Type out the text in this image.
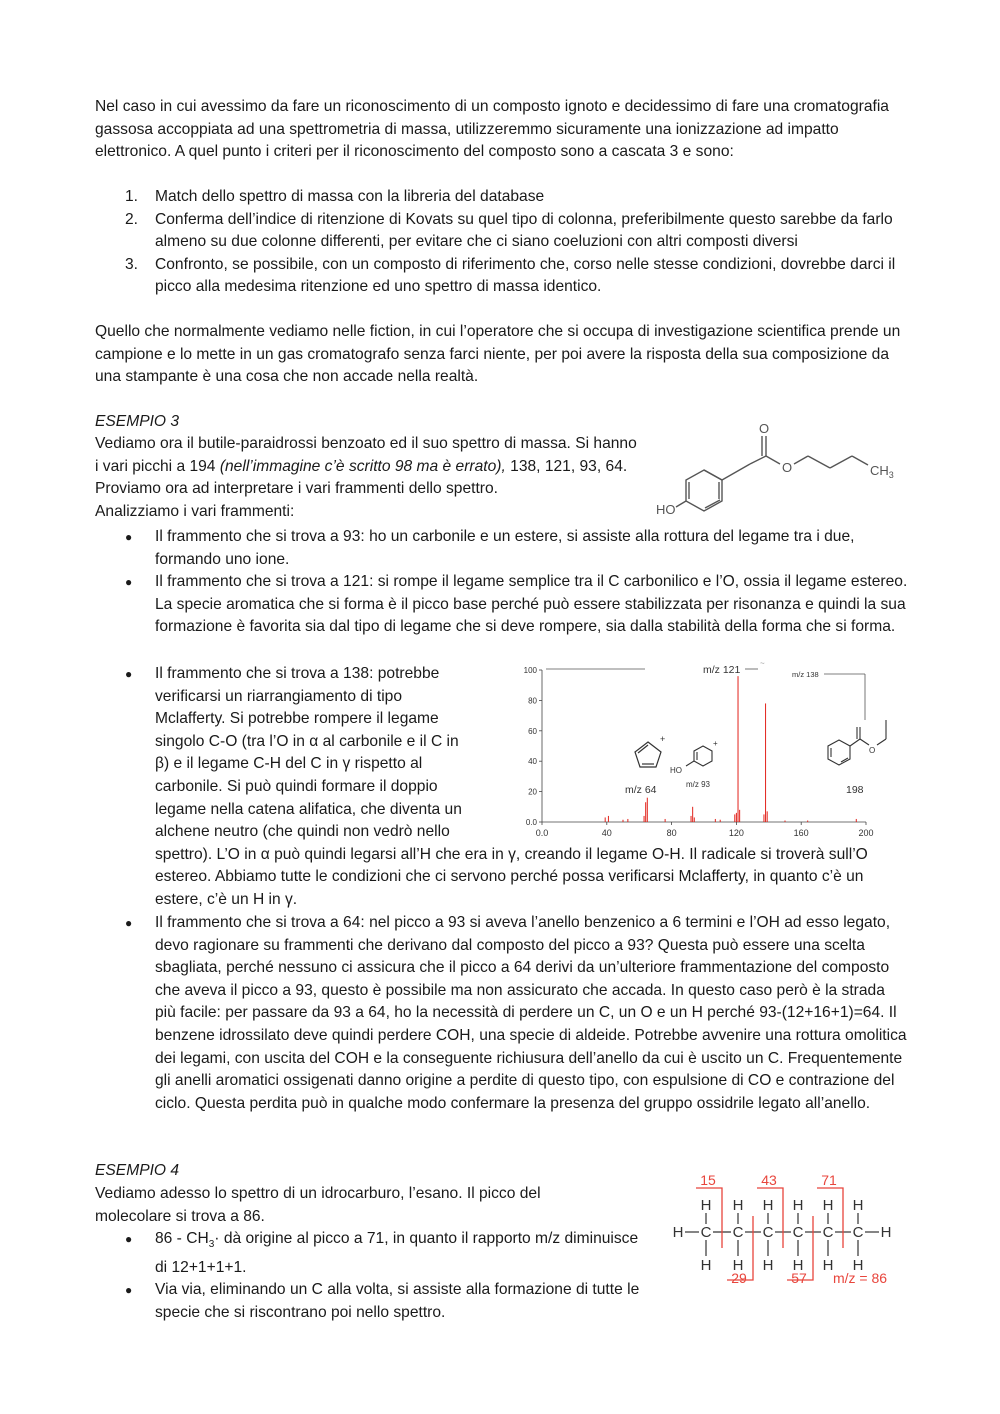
Nel caso in cui avessimo da fare un riconoscimento di un composto ignoto e decidessimo di fare una cromatografia gassosa accoppiata ad una spettrometria di massa, utilizzeremmo sicuramente una ionizzazione ad impatto elettronico. A quel punto i criteri per il riconoscimento del composto sono a cascata 3 e sono:

1. Match dello spettro di massa con la libreria del database
2. Conferma dell’indice di ritenzione di Kovats su quel tipo di colonna, preferibilmente questo sarebbe da farlo almeno su due colonne differenti, per evitare che ci siano coeluzioni con altri composti diversi
3. Confronto, se possibile, con un composto di riferimento che, corso nelle stesse condizioni, dovrebbe darci il picco alla medesima ritenzione ed uno spettro di massa identico.

Quello che normalmente vediamo nelle fiction, in cui l’operatore che si occupa di investigazione scientifica prende un campione e lo mette in un gas cromatografo senza farci niente, per poi avere la risposta della sua composizione da una stampante è una cosa che non accade nella realtà.

ESEMPIO 3

Vediamo ora il butile-paraidrossi benzoato ed il suo spettro di massa. Si hanno i vari picchi a 194 (nell’immagine c’è scritto 98 ma è errato), 138, 121, 93, 64. Proviamo ora ad interpretare i vari frammenti dello spettro.

Analizziamo i vari frammenti:

O
O	$CH_3$
HO
● Il frammento che si trova a 93: ho un carbonile e un estere, si assiste alla rottura del legame tra i due, formando uno ione.
● Il frammento che si trova a 121: si rompe il legame semplice tra il C carbonilico e l’O, ossia il legame estereo. La specie aromatica che si forma è il picco base perché può essere stabilizzata per risonanza e quindi la sua formazione è favorita sia dal tipo di legame che si deve rompere, sia dalla stabilità della forma che si forma.
● Il frammento che si trova a 138: potrebbe
verificarsi un riarrangiamento di tipo
Mclafferty. Si potrebbe rompere il legame
singolo C-O (tra l’O in α al carbonile e il C in
β) e il legame C-H del C in γ rispetto al
carbonile. Si può quindi formare il doppio
legame nella catena alifatica, che diventa un
alchene neutro (che quindi non vedrò nello
spettro). L’O in α può quindi legarsi all’H che era in γ, creando il legame O-H. Il radicale si troverà sull’O estereo. Abbiamo tutte le condizioni che ci servono perché possa verificarsi Mclafferty, in quanto c’è un estere, c’è un H in γ.
0.0	40	80	120	160	200
0.0
20
40
60
80
100	m/z 121
~
m/z 138
m/z 64	m/z 93	198
+
HO
+
O
● Il frammento che si trova a 64: nel picco a 93 si aveva l’anello benzenico a 6 termini e l’OH ad esso legato, devo ragionare su frammenti che derivano dal composto del picco a 93? Questa può essere una scelta sbagliata, perché nessuno ci assicura che il picco a 64 derivi da un’ulteriore frammentazione del composto che aveva il picco a 93, questo è possibile ma non assicurato che accada. In questo caso però è la strada più facile: per passare da 93 a 64, ho la necessità di perdere un C, un O e un H perché 93-(12+16+1)=64. Il benzene idrossilato deve quindi perdere COH, una specie di aldeide. Potrebbe avvenire una rottura omolitica dei legami, con uscita del COH e la conseguente richiusura dell’anello da cui è uscito un C. Frequentemente gli anelli aromatici ossigenati danno origine a perdite di questo tipo, con espulsione di CO e contrazione del ciclo. Questa perdita può in qualche modo confermare la presenza del gruppo ossidrile legato all’anello.

ESEMPIO 4

Vediamo adesso lo spettro di un idrocarburo, l’esano. Il picco del molecolare si trova a 86.

● $86 - CH_3\cdot$ dà origine al picco a 71, in quanto il rapporto m/z diminuisce di 12+1+1+1.
● Via via, eliminando un C alla volta, si assiste alla formazione di tutte le specie che si riscontrano poi nello spettro.
H	H
C
H
H
C
H
H
C
H
H
C
H
H
C
H
H
C
H
H
15	43	71
29	57 m/z = 86
